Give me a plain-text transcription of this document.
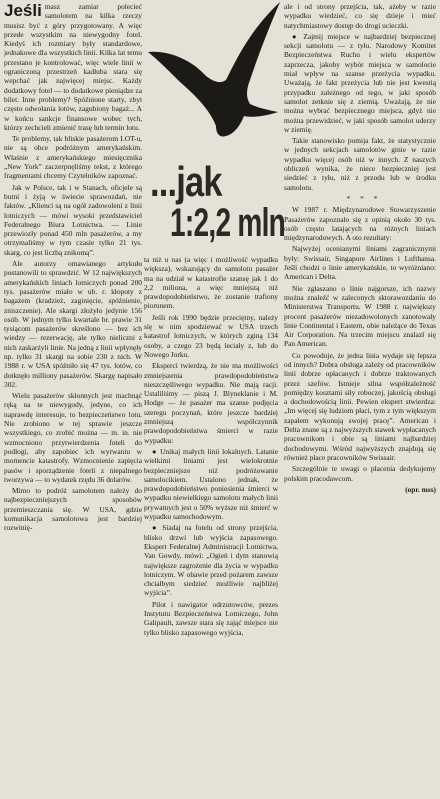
Jeśli masz zamiar polecieć samolotem na kilka rzeczy musisz być z góry przygotowany. A więc przede wszystkim na niewygodny fotel. Kiedyś ich rozmiary były standardowe, jednakowe dla wszystkich linii. Kilka lat temu przestano je kontrolować, więc wiele linii w ograniczoną przestrzeń kadłuba stara się wepchać jak najwięcej miejsc. Każdy dodatkowy fotel — to dodatkowe pieniądze za bilet. Inne problemy? Spóźnione starty, zbyt często odwołania lotów, zagubiony bagaż... A w końcu sankcje finansowe wobec tych, którzy zechcieli zmienić trasę lub termin lotu.

Te problemy, tak bliskie pasażerom LOT-u, nie są obce podróżnym amerykańskim. Właśnie z amerykańskiego miesięcznika „New York” zaczerpnęliśmy tekst, z którego fragmentami chcemy Czytelników zapoznać.

Jak w Polsce, tak i w Stanach, oficjele są butni i żyją w świecie sprawozdań, nie faktów. „Klienci są na ogół zadowoleni z linii lotniczych — mówi wysoki przedstawiciel Federalnego Biura Lotnictwa. — Linie przewiozły ponad 450 mln pasażerów, a my otrzymaliśmy w tym czasie tylko 21 tys. skarg, co jest liczbą znikomą”.

Ale autorzy omawianego artykułu postanowili to sprawdzić. W 12 największych amerykańskich liniach lotniczych ponad 200 tys. pasażerów miało w ub. r. kłopoty z bagażem (kradzież, zaginięcie, spóźnienie, zniszczenie). Ale skargi złożyło jedynie 156 osób. W jednym tylko kwartale br. prawie 31 tysiącom pasażerów skreślono — bez ich wiedzy — rezerwację, ale tylko nieliczni z nich zaskarżyli linie. Na jedną z linii wpłynęły np. tylko 31 skargi na sobie 230 z nich. W 1988 r. w USA spóźniło się 47 tys. lotów, co dotknęło milliony pasażerów. Skargę napisało 302.

Wielu pasażerów skłonnych jest machnąć ręką na te niewygody, jedyne, co ich naprawdę interesuje, to bezpieczeństwo lotu. Nie zrobiono w tej sprawie jeszcze wszystkiego, co zrobić można — m. in. nie wzmocniono przytwierdzenia foteli do podłogi, aby zapobiec ich wyrwaniu w momencie katastrofy. Wzmocnienie zapięcia pasów i sporządzenie foteli z niepalnego tworzywa — to wydatek rzędu 36 dolarów.

Mimo to podróż samolotem należy do najbezpieczniejszych sposobów przemieszczania się. W USA, gdzie komunikacja samolotowa jest bardziej rozwinię-

...jak
1:2,2 mln

ta niż u nas (a więc i możliwość wypadku większa), wskazujący do samolotu pasażer ma na udział w katastrofie szansę jak 1 do 2,2 miliona, a więc mniejszą niż prawdopodobieństwo, że zostanie trafiony piorunem.

Jeśli rok 1990 będzie przeciętny, należy się w nim spodziewać w USA trzech katastrof lotniczych, w których zginą 134 osoby, a czego 23 będą leciały z, lub do Nowego Jorku.

Eksperci twierdzą, że nie ma możliwości zmniejszenia prawdopodobieństwa nieszczęśliwego wypadku. Nie mają racji. Ustaliliśmy — piszą J. Blyneklanie i M. Hodge — że pasażer ma szanse podjęcia szeregu poczynań, które jeszcze bardziej zmniejszą współczynnik prawdopodobieństwa śmierci w razie wypadku:

● Unikaj małych linii lokalnych. Latanie wielkimi liniami jest wielokrotnie bezpieczniejsze niż podróżowanie samolocikiem. Ustalono jednak, że prawdopodobieństwo poniesienia śmierci w wypadku niewielkiego samolotu małych linii prywatnych jest o 50% wyższe niż śmierć w wypadku samochodowym.

● Siadaj na fotelu od strony przejścia, blisko drzwi lub wyjścia zapasowego. Ekspert Federalnej Administracji Lotnictwa, Van Gowdy, mówi: „Ogień i dym stanowią największe zagrożenie dla życia w wypadku lotniczym. W obawie przed pożarem zawsze chciałbym siedzieć możliwie najbliżej wyjścia”.

Pilot i nawigator odrzutowców, prezes Instytutu Bezpieczeństwa Lotniczego, John Galipault, zawsze stara się zająć miejsce nie tylko blisko zapasowego wyjścia,

ale i od strony przejścia, tak, ażeby w razie wypadku wiedzieć, co się dzieje i mieć natychmiastowy dostęp do drogi ucieczki.

● Zajmij miejsce w najbardziej bezpiecznej sekcji samolotu — z tyłu. Narodowy Komitet Bezpieczeństwa Ruchu i wielu ekspertów zaprzecza, jakoby wybór miejsca w samolocie miał wpływ na szanse przeżycia wypadku. Uważają, że fakt przeżycia lub nie jest kwestią przypadku zależnego od tego, w jaki sposób samolot zetknie się z ziemią. Uważają, że nie można wybrać bezpiecznego miejsca, gdyż nie można przewidzieć, w jaki sposób samolot uderzy w ziemię.

Takie stanowisko pomija fakt, że statystycznie w jednych sekcjach samolotów ginie w razie wypadku więcej osób niż w innych. Z naszych obliczeń wynika, że niece bezpieczniej jest siedzieć z tyłu, niż z przodu lub w środku samolotu.

* * *

W 1987 r. Międzynarodowe Stowarzyszenie Pasażerów zapoznało się z opinią około 30 tys. osób często latających na różnych liniach międzynarodowych. A oto rezultaty:

Najwyżej ocenianymi liniami zagranicznymi były: Swissair, Singapore Airlines i Lufthansa. Jeśli chodzi o linie amerykańskie, to wyróżniano: American i Delta.

Nie zgłaszano o linie najgorsze, ich nazwy można znaleźć w zaleconych sktorawozdaniu do Ministerstwa Transportu. W 1988 r. największy procent pasażerów niezadowolonych zanotowały linie Continental i Eastern, obie należące do Texas Air Corporation. Na trzecim miejscu znalazł się Pan American.

Co powoduje, że jedna linia wydaje się lepsza od innych? Dobra obsługa zależy od pracowników linii dobrze opłacanych i dobrze traktowanych przez szefów. Istnieje silna współzależność pomiędzy kosztami siły roboczej, jakością obsługi a dochodowością linii. Pewien ekspert stwierdza: „Im więcej się ludziom płaci, tym z tym większym zapałem wykonują swojej pracę”. American i Delta znane są z najwyższych stawek wypłacanych pracownikom i obie są liniami najbardziej dochodowymi. Wśród najwyższych znajdują się również płace pracowników Swissair.

Szczególnie te uwagi o płacenia dedykujemy polskim pracodawcom.

(opr. mss)
